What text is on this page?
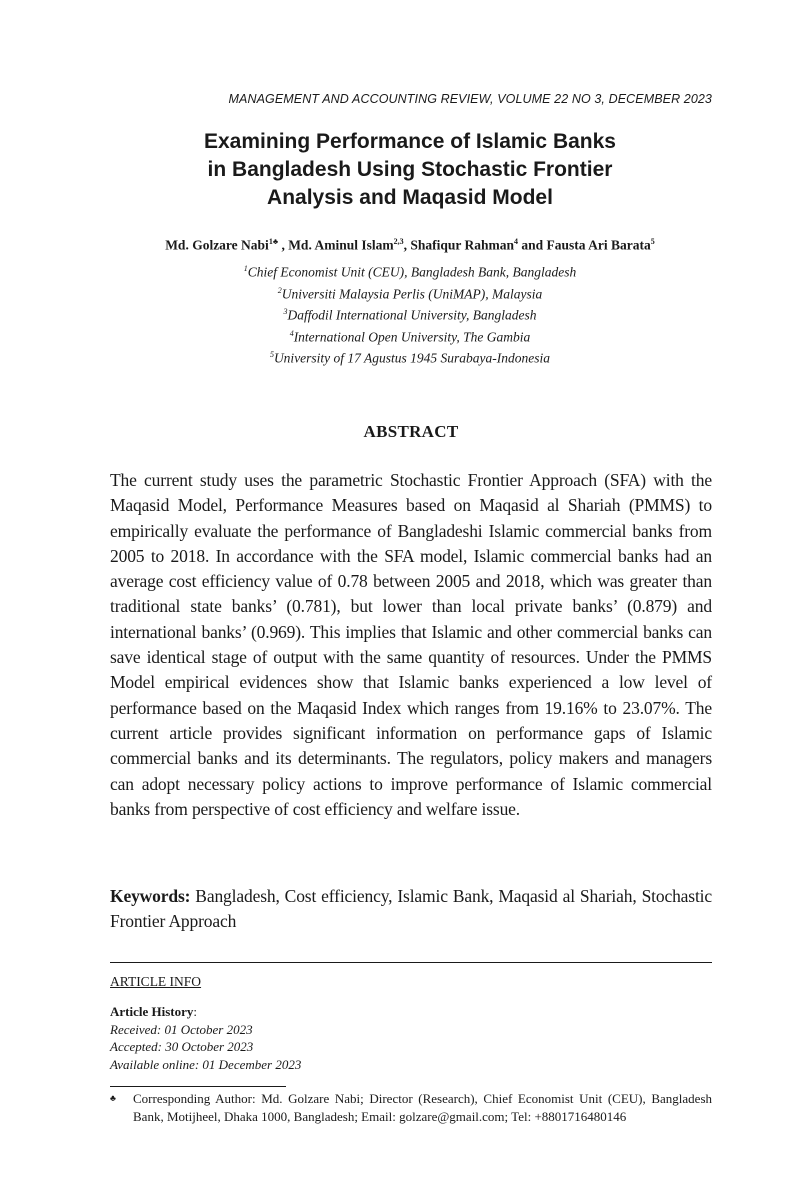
MANAGEMENT AND ACCOUNTING REVIEW, VOLUME 22 NO 3, DECEMBER 2023
Examining Performance of Islamic Banks
in Bangladesh Using Stochastic Frontier
Analysis and Maqasid Model
Md. Golzare Nabi$^{1♣}$ , Md. Aminul Islam$^{2,3}$, Shafiqur Rahman$^4$ and Fausta Ari Barata$^5$
$^1$Chief Economist Unit (CEU), Bangladesh Bank, Bangladesh
$^2$Universiti Malaysia Perlis (UniMAP), Malaysia
$^3$Daffodil International University, Bangladesh
$^4$International Open University, The Gambia
$^5$University of 17 Agustus 1945 Surabaya-Indonesia
ABSTRACT
The current study uses the parametric Stochastic Frontier Approach (SFA) with the Maqasid Model, Performance Measures based on Maqasid al Shariah (PMMS) to empirically evaluate the performance of Bangladeshi Islamic commercial banks from 2005 to 2018. In accordance with the SFA model, Islamic commercial banks had an average cost efficiency value of 0.78 between 2005 and 2018, which was greater than traditional state banks’ (0.781), but lower than local private banks’ (0.879) and international banks’ (0.969). This implies that Islamic and other commercial banks can save identical stage of output with the same quantity of resources. Under the PMMS Model empirical evidences show that Islamic banks experienced a low level of performance based on the Maqasid Index which ranges from 19.16% to 23.07%. The current article provides significant information on performance gaps of Islamic commercial banks and its determinants. The regulators, policy makers and managers can adopt necessary policy actions to improve performance of Islamic commercial banks from perspective of cost efficiency and welfare issue.
Keywords: Bangladesh, Cost efficiency, Islamic Bank, Maqasid al Shariah, Stochastic Frontier Approach
ARTICLE INFO
Article History:
Received: 01 October 2023
Accepted: 30 October 2023
Available online: 01 December 2023
♣	Corresponding Author: Md. Golzare Nabi; Director (Research), Chief Economist Unit (CEU), Bangladesh Bank, Motijheel, Dhaka 1000, Bangladesh; Email: golzare@gmail.com; Tel: +8801716480146
